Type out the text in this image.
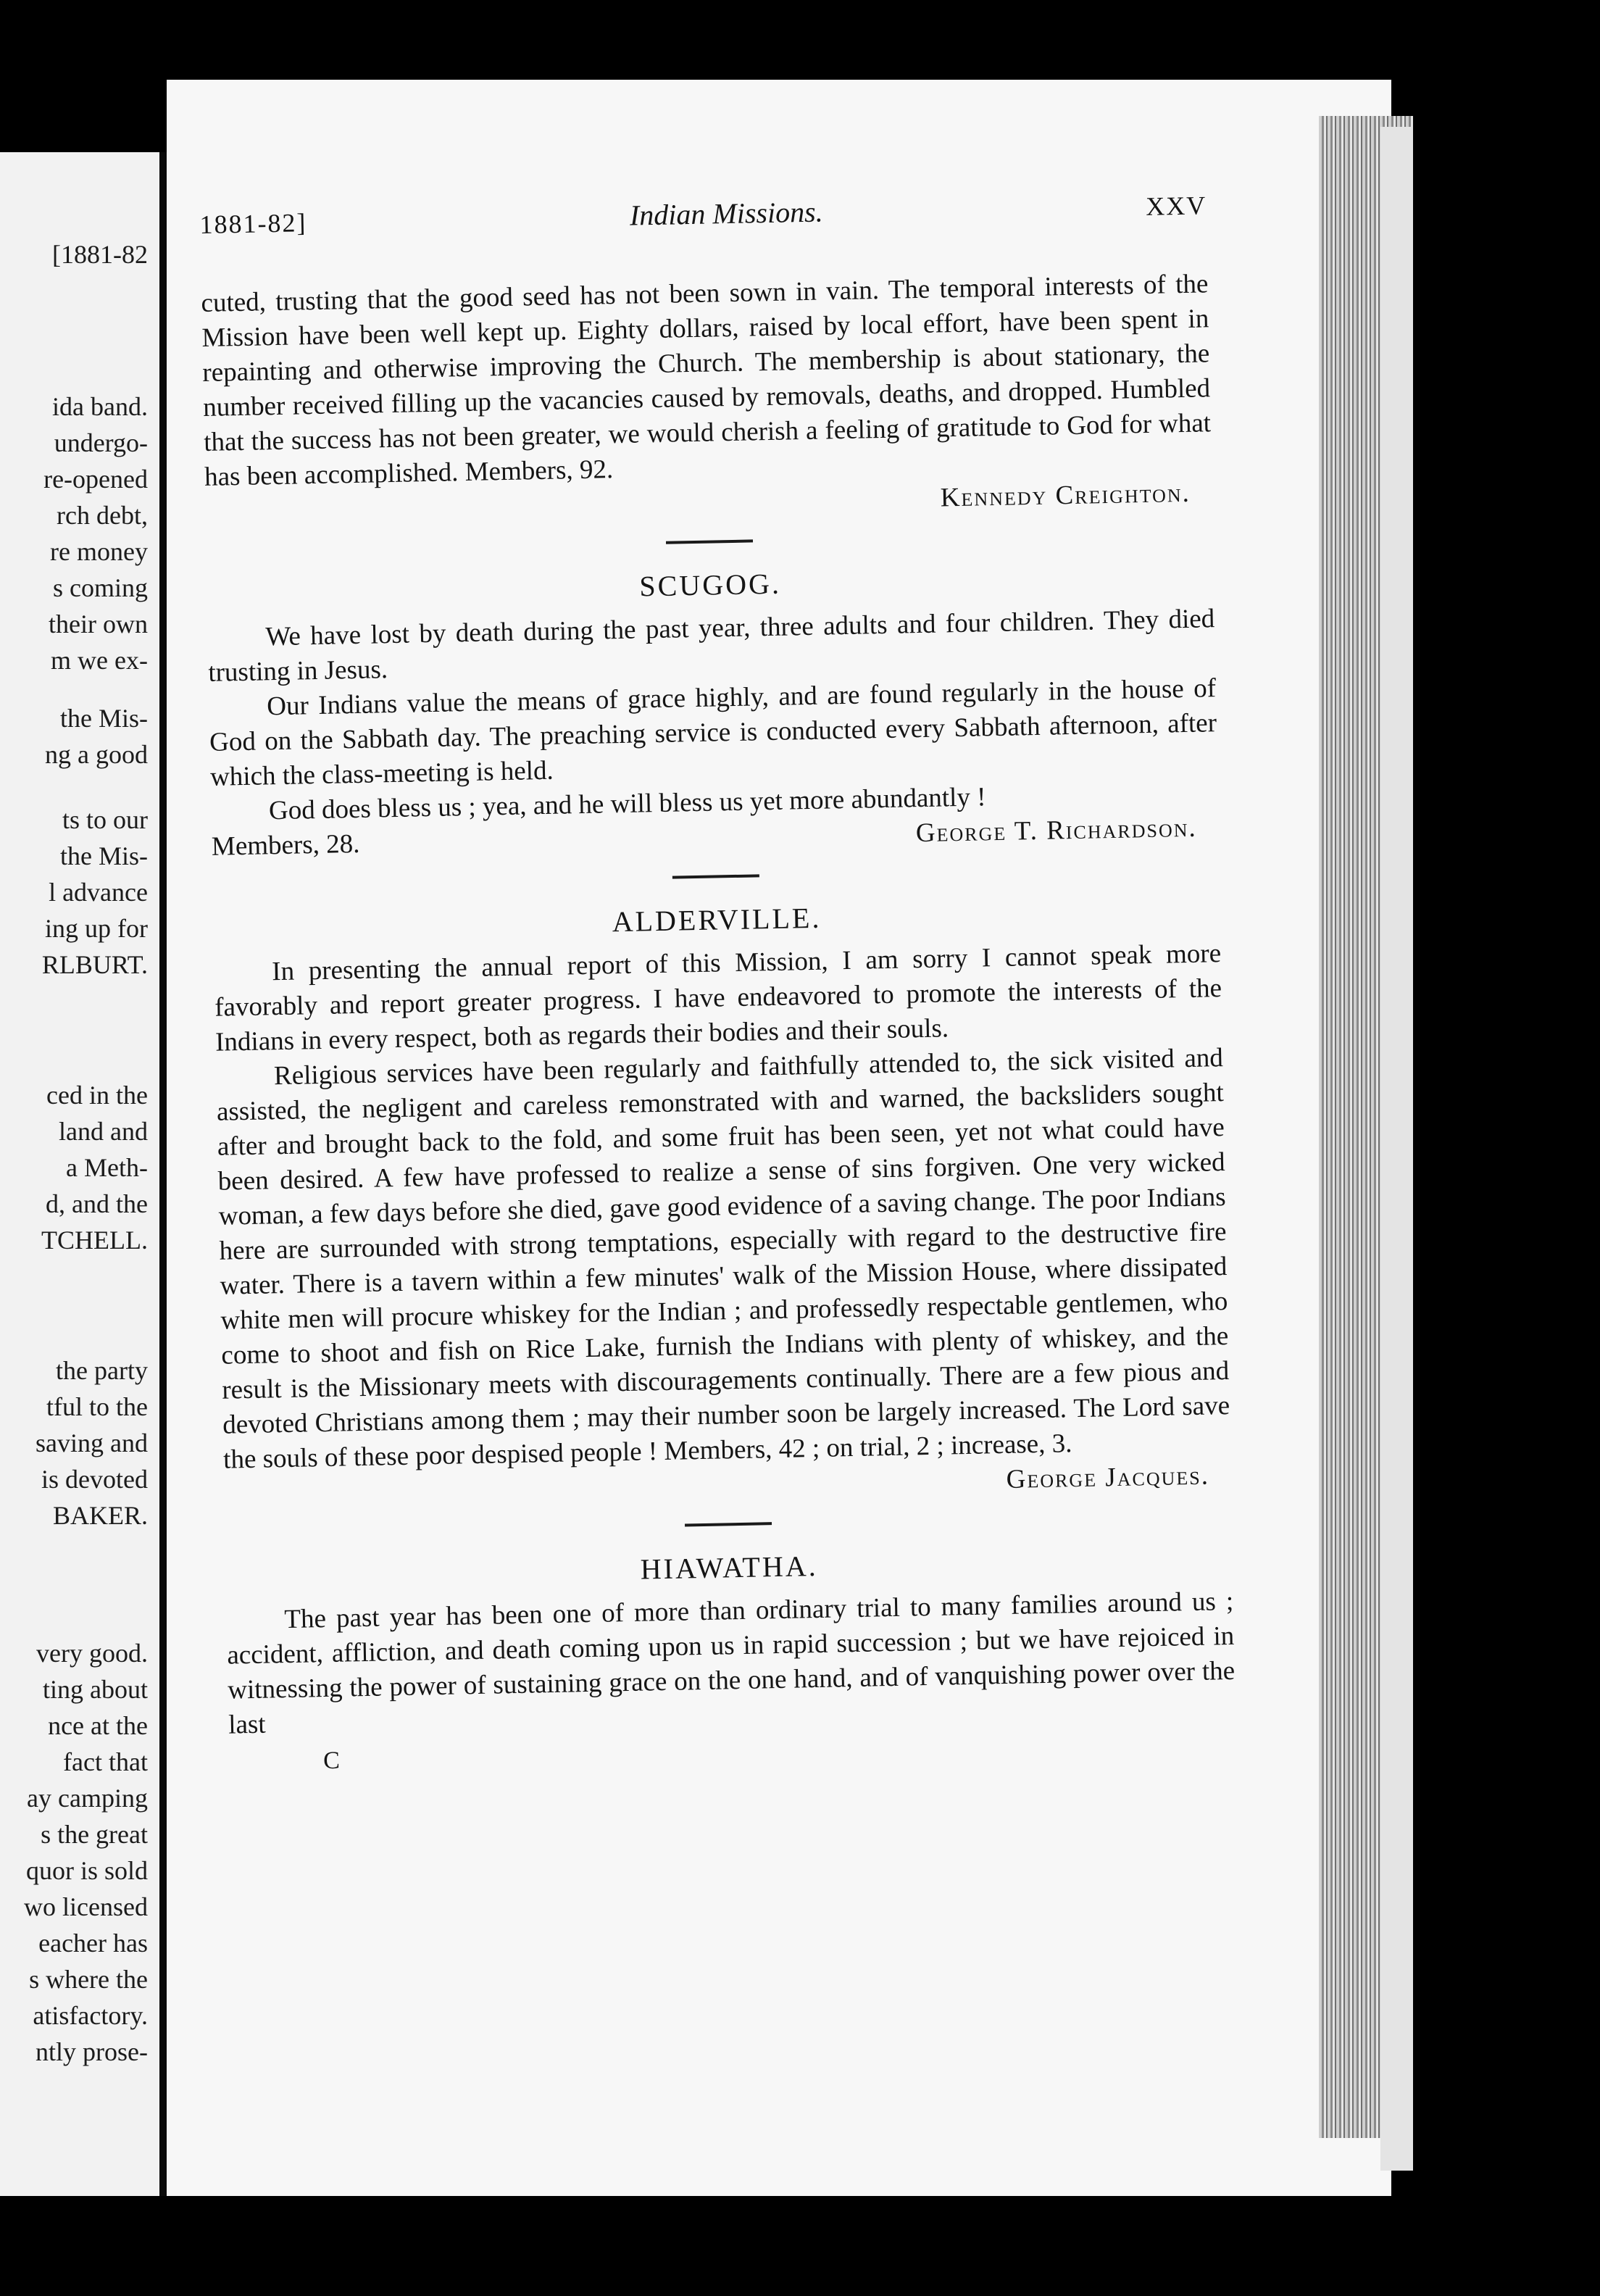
[1881-82
ida band.
undergo-
re-opened
rch debt,
re money
s coming
their own
m we ex-
the Mis-
ng a good
ts to our
the Mis-
l advance
ing up for
RLBURT.
ced in the
land and
a Meth-
d, and the
TCHELL.
the party
tful to the
saving and
is devoted
BAKER.
very good.
ting about
nce at the
fact that
ay camping
s the great
quor is sold
wo licensed
eacher has
s where the
atisfactory.
ntly prose-
1881-82]	Indian Missions.	XXV

cuted, trusting that the good seed has not been sown in vain. The temporal interests of the Mission have been well kept up. Eighty dollars, raised by local effort, have been spent in repainting and otherwise improving the Church. The membership is about stationary, the number received filling up the vacancies caused by removals, deaths, and dropped. Humbled that the success has not been greater, we would cherish a feeling of gratitude to God for what has been accomplished. Members, 92.

Kennedy Creighton.

SCUGOG.

We have lost by death during the past year, three adults and four children. They died trusting in Jesus.

Our Indians value the means of grace highly, and are found regularly in the house of God on the Sabbath day. The preaching service is conducted every Sabbath afternoon, after which the class-meeting is held.

God does bless us ; yea, and he will bless us yet more abundantly !

Members, 28.	George T. Richardson.
ALDERVILLE.

In presenting the annual report of this Mission, I am sorry I cannot speak more favorably and report greater progress. I have endeavored to promote the interests of the Indians in every respect, both as regards their bodies and their souls.

Religious services have been regularly and faithfully attended to, the sick visited and assisted, the negligent and careless remonstrated with and warned, the backsliders sought after and brought back to the fold, and some fruit has been seen, yet not what could have been desired. A few have professed to realize a sense of sins forgiven. One very wicked woman, a few days before she died, gave good evidence of a saving change. The poor Indians here are surrounded with strong temptations, especially with regard to the destructive fire water. There is a tavern within a few minutes' walk of the Mission House, where dissipated white men will procure whiskey for the Indian ; and professedly respectable gentlemen, who come to shoot and fish on Rice Lake, furnish the Indians with plenty of whiskey, and the result is the Missionary meets with discouragements continually. There are a few pious and devoted Christians among them ; may their number soon be largely increased. The Lord save the souls of these poor despised people ! Members, 42 ; on trial, 2 ; increase, 3.

George Jacques.

HIAWATHA.

The past year has been one of more than ordinary trial to many families around us ; accident, affliction, and death coming upon us in rapid succession ; but we have rejoiced in witnessing the power of sustaining grace on the one hand, and of vanquishing power over the last

C
